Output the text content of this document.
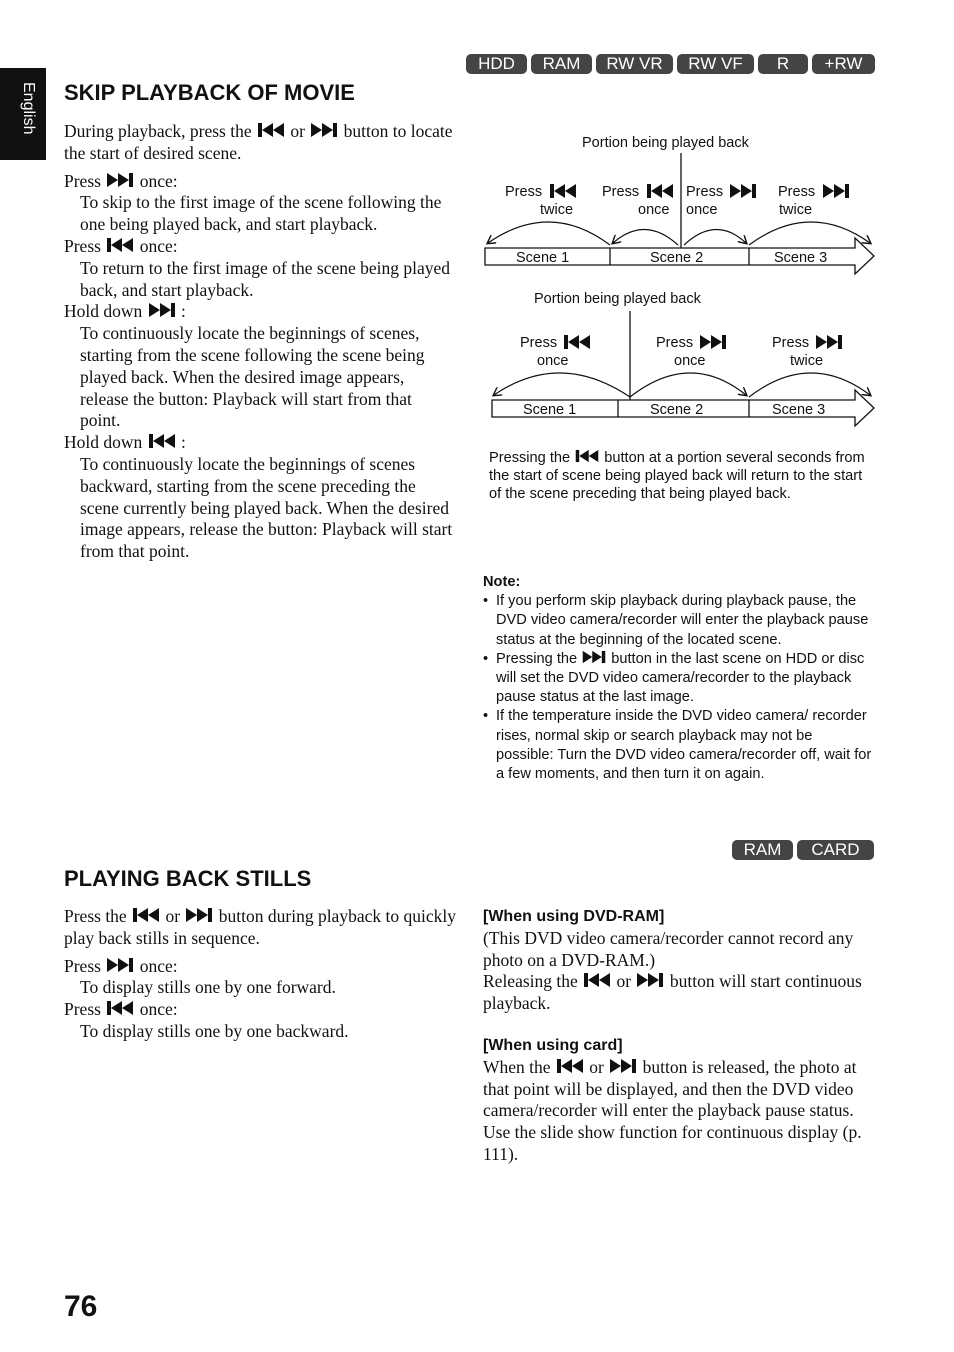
English
HDD	RAM	RW VR	RW VF	R	+RW
SKIP PLAYBACK OF MOVIE

During playback, press the or button to locate the start of desired scene.

Press once:

To skip to the first image of the scene following the one being played back, and start playback.

Press once:

To return to the first image of the scene being played back, and start playback.

Hold down :

To continuously locate the beginnings of scenes, starting from the scene following the scene being played back. When the desired image appears, release the button: Playback will start from that point.

Hold down :

To continuously locate the beginnings of scenes backward, starting from the scene preceding the scene currently being played back. When the desired image appears, release the button: Playback will start from that point.

Portion being played back
Press
twice
Press
once
Press
once
Press
twice
Scene 1	Scene 2	Scene 3
Portion being played back
Press
once
Press
once
Press
twice
Scene 1	Scene 2	Scene 3
Pressing the button at a portion several seconds from the start of scene being played back will return to the start of the scene preceding that being played back.

Note:

• If you perform skip playback during playback pause, the DVD video camera/recorder will enter the playback pause status at the beginning of the located scene.
• Pressing the button in the last scene on HDD or disc will set the DVD video camera/recorder to the playback pause status at the last image.
• If the temperature inside the DVD video camera/ recorder rises, normal skip or search playback may not be possible: Turn the DVD video camera/recorder off, wait for a few moments, and then turn it on again.
RAM	CARD
PLAYING BACK STILLS

Press the or button during playback to quickly play back stills in sequence.

Press once:

To display stills one by one forward.

Press once:

To display stills one by one backward.

[When using DVD-RAM]

(This DVD video camera/recorder cannot record any photo on a DVD-RAM.)

Releasing the or button will start continuous playback.

[When using card]

When the or button is released, the photo at that point will be displayed, and then the DVD video camera/recorder will enter the playback pause status.

Use the slide show function for continuous display (p. 111).

76
